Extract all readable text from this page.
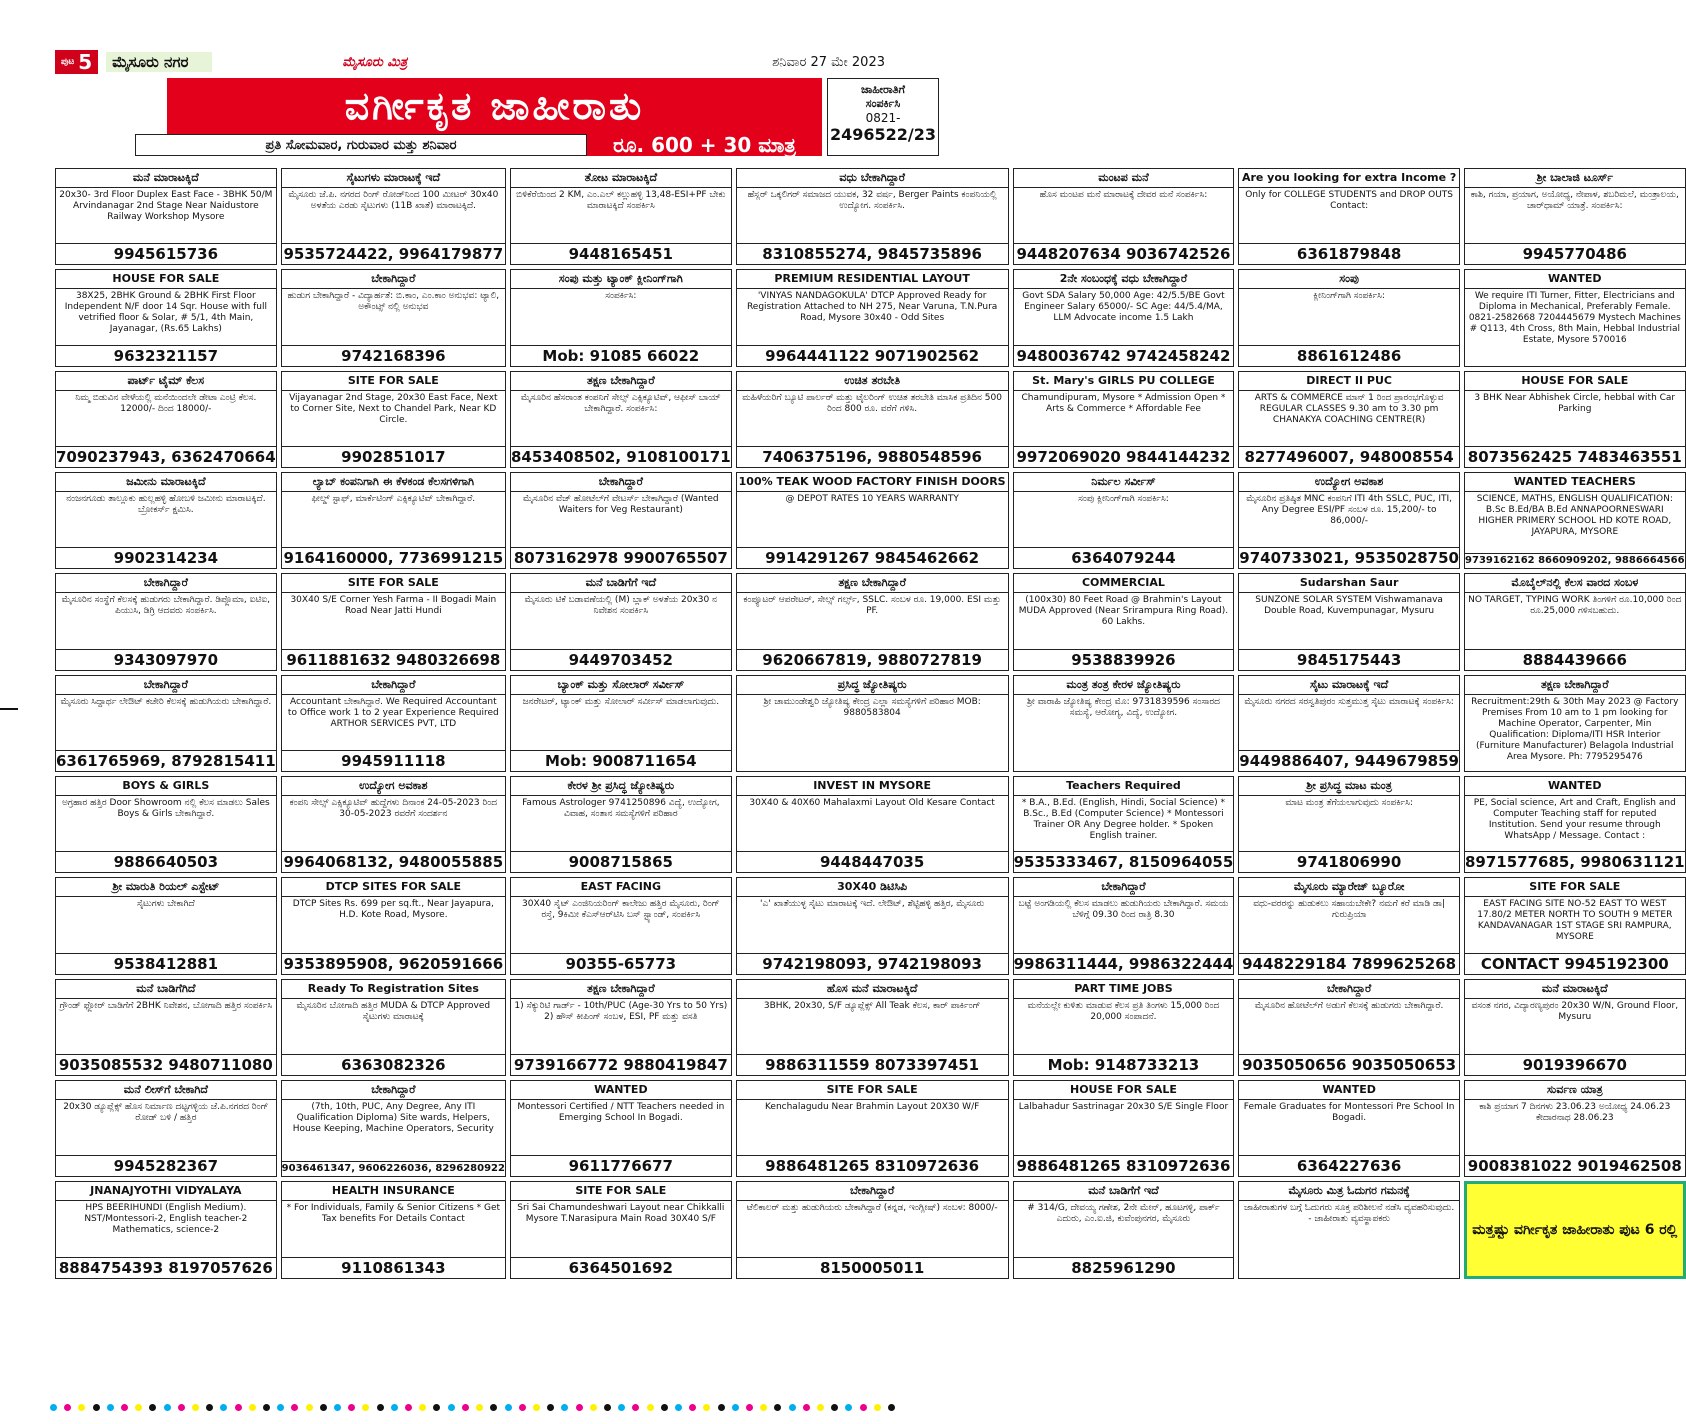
ಪುಟ 5	ಮೈಸೂರು ನಗರ	ಮೈಸೂರು ಮಿತ್ರ	ಶನಿವಾರ 27 ಮೇ 2023
ವರ್ಗೀಕೃತ ಜಾಹೀರಾತು
ಪ್ರತಿ ಸೋಮವಾರ, ಗುರುವಾರ ಮತ್ತು ಶನಿವಾರ	ರೂ. 600 + 30 ಮಾತ್ರ
ಜಾಹೀರಾತಿಗೆ
ಸಂಪರ್ಕಿಸಿ
0821-
2496522/23
ಮನೆ ಮಾರಾಟಕ್ಕಿದೆ
20x30- 3rd Floor Duplex East Face - 3BHK 50/M Arvindanagar 2nd Stage Near Naidustore Railway Workshop Mysore
9945615736
ಸೈಟುಗಳು ಮಾರಾಟಕ್ಕೆ ಇದೆ
ಮೈಸೂರು ಜೆ.ಪಿ. ನಗರದ ರಿಂಗ್ ರೋಡ್‌ನಿಂದ 100 ಮೀಟರ್ 30x40 ಅಳತೆಯ ಎರಡು ಸೈಟುಗಳು (11B ಖಾತೆ) ಮಾರಾಟಕ್ಕಿದೆ.
9535724422, 9964179877
ತೋಟ ಮಾರಾಟಕ್ಕಿದೆ
ಬಿಳಿಕೆರೆಯಿಂದ 2 KM, ಎಂ.ಎಲ್ ಕಲ್ಲುಹಳ್ಳಿ 13,48-ESI+PF ಬೇಕು ಮಾರಾಟಕ್ಕಿದೆ ಸಂಪರ್ಕಿಸಿ
9448165451
ವಧು ಬೇಕಾಗಿದ್ದಾರೆ
ಹೆಸ್ಲರ್ ಒಕ್ಕಲಿಗರ್ ಸಮಾಜದ ಯುವಕ, 32 ವರ್ಷ, Berger Paints ಕಂಪನಿಯಲ್ಲಿ ಉದ್ಯೋಗ. ಸಂಪರ್ಕಿಸಿ.
8310855274, 9845735896
ಮಂಟಪ ಮನೆ
ಹೊಸ ಮಂಟಪ ಮನೆ ಮಾರಾಟಕ್ಕೆ ದೇವರ ಮನೆ ಸಂಪರ್ಕಿಸಿ:
9448207634 9036742526
Are you looking for extra Income ?
Only for COLLEGE STUDENTS and DROP OUTS Contact:
6361879848
ಶ್ರೀ ಬಾಲಾಜಿ ಟೂರ್ಸ್
ಕಾಶಿ, ಗಯಾ, ಪ್ರಯಾಗ, ಅಯೋಧ್ಯ, ನೇಪಾಳ, ಶಬರಿಮಲೆ, ಮಂತ್ರಾಲಯ, ಚಾರ್‌ಧಾಮ್ ಯಾತ್ರೆ. ಸಂಪರ್ಕಿಸಿ:
9945770486
HOUSE FOR SALE
38X25, 2BHK Ground & 2BHK First Floor Independent N/F door 14 Sqr. House with full vetrified floor & Solar, # 5/1, 4th Main, Jayanagar, (Rs.65 Lakhs)
9632321157
ಬೇಕಾಗಿದ್ದಾರೆ
ಹುಡುಗ ಬೇಕಾಗಿದ್ದಾರೆ - ವಿದ್ಯಾರ್ಹತೆ: ಬಿ.ಕಾಂ, ಎಂ.ಕಾಂ ಅನುಭವ: ಟ್ಯಾಲಿ, ಅಕೌಂಟ್ಸ್ ನಲ್ಲಿ ಅನುಭವ
9742168396
ಸಂಪು ಮತ್ತು ಟ್ಯಾಂಕ್ ಕ್ಲೀನಿಂಗ್‌ಗಾಗಿ
ಸಂಪರ್ಕಿಸಿ:
Mob: 91085 66022
PREMIUM RESIDENTIAL LAYOUT
'VINYAS NANDAGOKULA' DTCP Approved Ready for Registration Attached to NH 275, Near Varuna, T.N.Pura Road, Mysore 30x40 - Odd Sites
9964441122 9071902562
2ನೇ ಸಂಬಂಧಕ್ಕೆ ವಧು ಬೇಕಾಗಿದ್ದಾರೆ
Govt SDA Salary 50,000 Age: 42/5.5/BE Govt Engineer Salary 65000/- SC Age: 44/5.4/MA, LLM Advocate income 1.5 Lakh
9480036742 9742458242
ಸಂಪು
ಕ್ಲೀನಿಂಗ್‌ಗಾಗಿ ಸಂಪರ್ಕಿಸಿ:
8861612486
WANTED
We require ITI Turner, Fitter, Electricians and Diploma in Mechanical, Preferably Female. 0821-2582668 7204445679 Mystech Machines # Q113, 4th Cross, 8th Main, Hebbal Industrial Estate, Mysore 570016
ಪಾರ್ಟ್ ಟೈಮ್ ಕೆಲಸ
ನಿಮ್ಮ ಬಿಡುವಿನ ವೇಳೆಯಲ್ಲಿ ಮನೆಯಿಂದಲೇ ಡೇಟಾ ಎಂಟ್ರಿ ಕೆಲಸ. 12000/- ದಿಂದ 18000/-
7090237943, 6362470664
SITE FOR SALE
Vijayanagar 2nd Stage, 20x30 East Face, Next to Corner Site, Next to Chandel Park, Near KD Circle.
9902851017
ತಕ್ಷಣ ಬೇಕಾಗಿದ್ದಾರೆ
ಮೈಸೂರಿನ ಹೆಸರಾಂತ ಕಂಪನಿಗೆ ಸೇಲ್ಸ್ ಎಕ್ಸಿಕ್ಯೂಟಿವ್, ಆಫೀಸ್ ಬಾಯ್ ಬೇಕಾಗಿದ್ದಾರೆ. ಸಂಪರ್ಕಿಸಿ:
8453408502, 9108100171
ಉಚಿತ ತರಬೇತಿ
ಮಹಿಳೆಯರಿಗೆ ಬ್ಯೂಟಿ ಪಾರ್ಲರ್ ಮತ್ತು ಟೈಲರಿಂಗ್ ಉಚಿತ ತರಬೇತಿ ಮಾಸಿಕ ಪ್ರತಿದಿನ 500 ರಿಂದ 800 ರೂ. ವರೆಗೆ ಗಳಿಸಿ.
7406375196, 9880548596
St. Mary's GIRLS PU COLLEGE
Chamundipuram, Mysore * Admission Open * Arts & Commerce * Affordable Fee
9972069020 9844144232
DIRECT II PUC
ARTS & COMMERCE ಮಾನ್ 1 ರಿಂದ ಪ್ರಾರಂಭಗೊಳ್ಳುವ REGULAR CLASSES 9.30 am to 3.30 pm CHANAKYA COACHING CENTRE(R)
8277496007, 948008554
HOUSE FOR SALE
3 BHK Near Abhishek Circle, hebbal with Car Parking
8073562425 7483463551
ಜಮೀನು ಮಾರಾಟಕ್ಕಿದೆ
ನಂಜನಗೂಡು ತಾಲ್ಲೂಕು ಹುಲ್ಲಹಳ್ಳಿ ಹೋಬಳಿ ಜಮೀನು ಮಾರಾಟಕ್ಕಿದೆ. ಬ್ರೋಕರ್ಸ್ ಕ್ಷಮಿಸಿ.
9902314234
ಲ್ಯಾಬ್ ಕಂಪನಿಗಾಗಿ ಈ ಕೆಳಕಂಡ ಕೆಲಸಗಳಿಗಾಗಿ
ಫೀಲ್ಡ್ ಸ್ಟಾಫ್, ಮಾರ್ಕೆಟಿಂಗ್ ಎಕ್ಸಿಕ್ಯೂಟಿವ್ ಬೇಕಾಗಿದ್ದಾರೆ.
9164160000, 7736991215
ಬೇಕಾಗಿದ್ದಾರೆ
ಮೈಸೂರಿನ ವೆಜ್ ಹೋಟೆಲ್‌ಗೆ ವೇಟರ್ಸ್ ಬೇಕಾಗಿದ್ದಾರೆ (Wanted Waiters for Veg Restaurant)
8073162978 9900765507
100% TEAK WOOD FACTORY FINISH DOORS
@ DEPOT RATES 10 YEARS WARRANTY
9914291267 9845462662
ನಿರ್ಮಲ ಸರ್ವೀಸ್
ಸಂಪು ಕ್ಲೀನಿಂಗ್‌ಗಾಗಿ ಸಂಪರ್ಕಿಸಿ:
6364079244
ಉದ್ಯೋಗ ಅವಕಾಶ
ಮೈಸೂರಿನ ಪ್ರತಿಷ್ಠಿತ MNC ಕಂಪನಿಗೆ ITI 4th SSLC, PUC, ITI, Any Degree ESI/PF ಸಂಬಳ ರೂ. 15,200/- to 86,000/-
9740733021, 9535028750
WANTED TEACHERS
SCIENCE, MATHS, ENGLISH QUALIFICATION: B.Sc B.Ed/BA B.Ed ANNAPOORNESWARI HIGHER PRIMERY SCHOOL HD KOTE ROAD, JAYAPURA, MYSORE
9739162162 8660909202, 9886664566
ಬೇಕಾಗಿದ್ದಾರೆ
ಮೈಸೂರಿನ ಸಂಸ್ಥೆಗೆ ಕೆಲಸಕ್ಕೆ ಹುಡುಗರು ಬೇಕಾಗಿದ್ದಾರೆ. ಡಿಪ್ಲೊಮಾ, ಐಟಿಐ, ಪಿಯುಸಿ, ಡಿಗ್ರಿ ಆದವರು ಸಂಪರ್ಕಿಸಿ.
9343097970
SITE FOR SALE
30X40 S/E Corner Yesh Farma - II Bogadi Main Road Near Jatti Hundi
9611881632 9480326698
ಮನೆ ಬಾಡಿಗೆಗೆ ಇದೆ
ಮೈಸೂರು ಟಿಕೆ ಬಡಾವಣೆಯಲ್ಲಿ (M) ಬ್ಲಾಕ್ ಅಳತೆಯ 20x30 ನ ನಿವೇಶನ ಸಂಪರ್ಕಿಸಿ
9449703452
ತಕ್ಷಣ ಬೇಕಾಗಿದ್ದಾರೆ
ಕಂಪ್ಯೂಟರ್ ಆಪರೇಟರ್, ಸೇಲ್ಸ್ ಗರ್ಲ್ಸ್, SSLC. ಸಂಬಳ ರೂ. 19,000. ESI ಮತ್ತು PF.
9620667819, 9880727819
COMMERCIAL
(100x30) 80 Feet Road @ Brahmin's Layout MUDA Approved (Near Srirampura Ring Road). 60 Lakhs.
9538839926
Sudarshan Saur
SUNZONE SOLAR SYSTEM Vishwamanava Double Road, Kuvempunagar, Mysuru
9845175443
ಮೊಬೈಲ್‌ನಲ್ಲಿ ಕೆಲಸ ವಾರದ ಸಂಬಳ
NO TARGET, TYPING WORK ತಿಂಗಳಿಗೆ ರೂ.10,000 ರಿಂದ ರೂ.25,000 ಗಳಿಸಬಹುದು.
8884439666
ಬೇಕಾಗಿದ್ದಾರೆ
ಮೈಸೂರು ಸಿದ್ದಾರ್ಥ ಲೇಔಟ್ ಕಚೇರಿ ಕೆಲಸಕ್ಕೆ ಹುಡುಗಿಯರು ಬೇಕಾಗಿದ್ದಾರೆ.
6361765969, 8792815411
ಬೇಕಾಗಿದ್ದಾರೆ
Accountant ಬೇಕಾಗಿದ್ದಾರೆ. We Required Accountant to Office work 1 to 2 year Experience Required ARTHOR SERVICES PVT, LTD
9945911118
ಬ್ಯಾಂಕ್ ಮತ್ತು ಸೋಲಾರ್ ಸರ್ವೀಸ್
ಜನರೇಟರ್, ಟ್ಯಾಂಕ್ ಮತ್ತು ಸೋಲಾರ್ ಸರ್ವೀಸ್ ಮಾಡಲಾಗುವುದು.
Mob: 9008711654
ಪ್ರಸಿದ್ಧ ಜ್ಯೋತಿಷ್ಯರು
ಶ್ರೀ ಚಾಮುಂಡೇಶ್ವರಿ ಜ್ಯೋತಿಷ್ಯ ಕೇಂದ್ರ ಎಲ್ಲಾ ಸಮಸ್ಯೆಗಳಿಗೆ ಪರಿಹಾರ MOB: 9880583804
ಮಂತ್ರ ತಂತ್ರ ಕೇರಳ ಜ್ಯೋತಿಷ್ಯರು
ಶ್ರೀ ವಾರಾಹಿ ಜ್ಯೋತಿಷ್ಯ ಕೇಂದ್ರ ಮೊ: 9731839596 ಸಂಸಾರದ ಸಮಸ್ಯೆ, ಆರೋಗ್ಯ, ವಿದ್ಯೆ, ಉದ್ಯೋಗ.
ಸೈಟು ಮಾರಾಟಕ್ಕೆ ಇದೆ
ಮೈಸೂರು ನಗರದ ಸರಸ್ವತಿಪುರಂ ಸುತ್ತಮುತ್ತ ಸೈಟು ಮಾರಾಟಕ್ಕೆ ಸಂಪರ್ಕಿಸಿ:
9449886407, 9449679859
ತಕ್ಷಣ ಬೇಕಾಗಿದ್ದಾರೆ
Recruitment:29th & 30th May 2023 @ Factory Premises From 10 am to 1 pm looking for Machine Operator, Carpenter, Min Qualification: Diploma/ITI HSR Interior (Furniture Manufacturer) Belagola Industrial Area Mysore. Ph: 7795295476
BOYS & GIRLS
ಅಗ್ರಹಾರ ಹತ್ತಿರ Door Showroom ನಲ್ಲಿ ಕೆಲಸ ಮಾಡಲು Sales Boys & Girls ಬೇಕಾಗಿದ್ದಾರೆ.
9886640503
ಉದ್ಯೋಗ ಅವಕಾಶ
ಕಂಪನಿ ಸೇಲ್ಸ್ ಎಕ್ಸಿಕ್ಯೂಟಿವ್ ಹುದ್ದೆಗಳು ದಿನಾಂಕ 24-05-2023 ರಿಂದ 30-05-2023 ರವರೆಗೆ ಸಂದರ್ಶನ
9964068132, 9480055885
ಕೇರಳ ಶ್ರೀ ಪ್ರಸಿದ್ಧ ಜ್ಯೋತಿಷ್ಯರು
Famous Astrologer 9741250896 ವಿದ್ಯೆ, ಉದ್ಯೋಗ, ವಿವಾಹ, ಸಂತಾನ ಸಮಸ್ಯೆಗಳಿಗೆ ಪರಿಹಾರ
9008715865
INVEST IN MYSORE
30X40 & 40X60 Mahalaxmi Layout Old Kesare Contact
9448447035
Teachers Required
* B.A., B.Ed. (English, Hindi, Social Science) * B.Sc., B.Ed (Computer Science) * Montessori Trainer OR Any Degree holder. * Spoken English trainer.
9535333467, 8150964055
ಶ್ರೀ ಪ್ರಸಿದ್ಧ ಮಾಟ ಮಂತ್ರ
ಮಾಟ ಮಂತ್ರ ತೆಗೆಯಲಾಗುವುದು ಸಂಪರ್ಕಿಸಿ:
9741806990
WANTED
PE, Social science, Art and Craft, English and Computer Teaching staff for reputed Institution. Send your resume through WhatsApp / Message. Contact :
8971577685, 9980631121
ಶ್ರೀ ಮಾರುತಿ ರಿಯಲ್ ಎಸ್ಟೇಟ್
ಸೈಟುಗಳು ಬೇಕಾಗಿದೆ
9538412881
DTCP SITES FOR SALE
DTCP Sites Rs. 699 per sq.ft., Near Jayapura, H.D. Kote Road, Mysore.
9353895908, 9620591666
EAST FACING
30X40 ಸೈಟ್ ಎಂಜಿನಿಯರಿಂಗ್ ಕಾಲೇಜು ಹತ್ತಿರ ಮೈಸೂರು, ರಿಂಗ್ ರಸ್ತೆ, 9ಕಿಮೀ ಕೆಎಸ್‌ಆರ್‌ಟಿಸಿ ಬಸ್ ಸ್ಟ್ಯಾಂಡ್, ಸಂಪರ್ಕಿಸಿ
90355-65773
30X40 ಡಿಟಿಸಿಪಿ
'ಎ' ಖಾತೆಯುಳ್ಳ ಸೈಟು ಮಾರಾಟಕ್ಕೆ ಇದೆ. ಲೇಔಟ್, ಶೆಟ್ಟಿಹಳ್ಳಿ ಹತ್ತಿರ, ಮೈಸೂರು
9742198093, 9742198093
ಬೇಕಾಗಿದ್ದಾರೆ
ಬಟ್ಟೆ ಅಂಗಡಿಯಲ್ಲಿ ಕೆಲಸ ಮಾಡಲು ಹುಡುಗಿಯರು ಬೇಕಾಗಿದ್ದಾರೆ. ಸಮಯ ಬೆಳಿಗ್ಗೆ 09.30 ರಿಂದ ರಾತ್ರಿ 8.30
9986311444, 9986322444
ಮೈಸೂರು ಮ್ಯಾರೇಜ್ ಬ್ಯೂರೋ
ವಧು-ವರರನ್ನು ಹುಡುಕಲು ಸಹಾಯಬೇಕೇ? ನಮಗೆ ಕರೆ ಮಾಡಿ ಡಾ| ಗುರುಪ್ರಿಯಾ
9448229184 7899625268
SITE FOR SALE
EAST FACING SITE NO-52 EAST TO WEST 17.80/2 METER NORTH TO SOUTH 9 METER KANDAVANAGAR 1ST STAGE SRI RAMPURA, MYSORE
CONTACT 9945192300
ಮನೆ ಬಾಡಿಗೆಗಿದೆ
ಗ್ರೌಂಡ್ ಫ್ಲೋರ್ ಬಾಡಿಗೆಗೆ 2BHK ನಿವೇಶನ, ಬೋಗಾದಿ ಹತ್ತಿರ ಸಂಪರ್ಕಿಸಿ
9035085532 9480711080
Ready To Registration Sites
ಮೈಸೂರಿನ ಬೋಗಾದಿ ಹತ್ತಿರ MUDA & DTCP Approved ಸೈಟುಗಳು ಮಾರಾಟಕ್ಕೆ
6363082326
ತಕ್ಷಣ ಬೇಕಾಗಿದ್ದಾರೆ
1) ಸೆಕ್ಯುರಿಟಿ ಗಾರ್ಡ್ - 10th/PUC (Age-30 Yrs to 50 Yrs) 2) ಹೌಸ್ ಕೀಪಿಂಗ್ ಸಂಬಳ, ESI, PF ಮತ್ತು ವಸತಿ
9739166772 9880419847
ಹೊಸ ಮನೆ ಮಾರಾಟಕ್ಕಿದೆ
3BHK, 20x30, S/F ಡ್ಯೂಪ್ಲೆಕ್ಸ್ All Teak ಕೆಲಸ, ಕಾರ್ ಪಾರ್ಕಿಂಗ್
9886311559 8073397451
PART TIME JOBS
ಮನೆಯಲ್ಲೇ ಕುಳಿತು ಮಾಡುವ ಕೆಲಸ ಪ್ರತಿ ತಿಂಗಳು 15,000 ರಿಂದ 20,000 ಸಂಪಾದನೆ.
Mob: 9148733213
ಬೇಕಾಗಿದ್ದಾರೆ
ಮೈಸೂರಿನ ಹೋಟೆಲ್‌ಗೆ ಅಡುಗೆ ಕೆಲಸಕ್ಕೆ ಹುಡುಗರು ಬೇಕಾಗಿದ್ದಾರೆ.
9035050656 9035050653
ಮನೆ ಮಾರಾಟಕ್ಕಿದೆ
ವಸಂತ ನಗರ, ವಿದ್ಯಾರಣ್ಯಪುರಂ 20x30 W/N, Ground Floor, Mysuru
9019396670
ಮನೆ ಲೀಸ್‌ಗೆ ಬೇಕಾಗಿದೆ
20x30 ಡ್ಯೂಪ್ಲೆಕ್ಸ್ ಹೊಸ ನಿರ್ಮಾಣ ದಟ್ಟಗಳ್ಳಿಯ ಜೆ.ಪಿ.ನಗರದ ರಿಂಗ್ ರೋಡ್ ಬಳಿ / ಹತ್ತಿರ
9945282367
ಬೇಕಾಗಿದ್ದಾರೆ
(7th, 10th, PUC, Any Degree, Any ITI Qualification Diploma) Site wards, Helpers, House Keeping, Machine Operators, Security
9036461347, 9606226036, 8296280922
WANTED
Montessori Certified / NTT Teachers needed in Emerging School In Bogadi.
9611776677
SITE FOR SALE
Kenchalagudu Near Brahmin Layout 20X30 W/F
9886481265 8310972636
HOUSE FOR SALE
Lalbahadur Sastrinagar 20x30 S/E Single Floor
9886481265 8310972636
WANTED
Female Graduates for Montessori Pre School In Bogadi.
6364227636
ಸುರ್ವಣ ಯಾತ್ರ
ಕಾಶಿ ಪ್ರಯಾಗ 7 ದಿನಗಳು 23.06.23 ಅಯೋಧ್ಯ 24.06.23 ಕೇದಾರನಾಥ 28.06.23
9008381022 9019462508
JNANAJYOTHI VIDYALAYA
HPS BEERIHUNDI (English Medium). NST/Montessori-2, English teacher-2 Mathematics, science-2
8884754393 8197057626
HEALTH INSURANCE
* For Individuals, Family & Senior Citizens * Get Tax benefits For Details Contact
9110861343
SITE FOR SALE
Sri Sai Chamundeshwari Layout near Chikkalli Mysore T.Narasipura Main Road 30X40 S/F
6364501692
ಬೇಕಾಗಿದ್ದಾರೆ
ಟೆಲಿಕಾಲರ್ ಮತ್ತು ಹುಡುಗಿಯರು ಬೇಕಾಗಿದ್ದಾರೆ (ಕನ್ನಡ, ಇಂಗ್ಲೀಷ್) ಸಂಬಳ: 8000/-
8150005011
ಮನೆ ಬಾಡಿಗೆಗೆ ಇದೆ
# 314/G, ದೇವಯ್ಯ ಗಣೇಶ, 2ನೇ ಮೇನ್, ಹೂಟಗಳ್ಳಿ, ಪಾರ್ಕ್ ಎದುರು, ಎಂ.ಐ.ಜಿ, ಕುವೆಂಪುನಗರ, ಮೈಸೂರು
8825961290
ಮೈಸೂರು ಮಿತ್ರ ಓದುಗರ ಗಮನಕ್ಕೆ
ಜಾಹೀರಾತುಗಳ ಬಗ್ಗೆ ಓದುಗರು ಸೂಕ್ತ ಪರಿಶೀಲನೆ ನಡೆಸಿ ವ್ಯವಹರಿಸುವುದು. - ಜಾಹೀರಾತು ವ್ಯವಸ್ಥಾಪಕರು
ಮತ್ತಷ್ಟು ವರ್ಗೀಕೃತ ಜಾಹೀರಾತು ಪುಟ 6 ರಲ್ಲಿ
